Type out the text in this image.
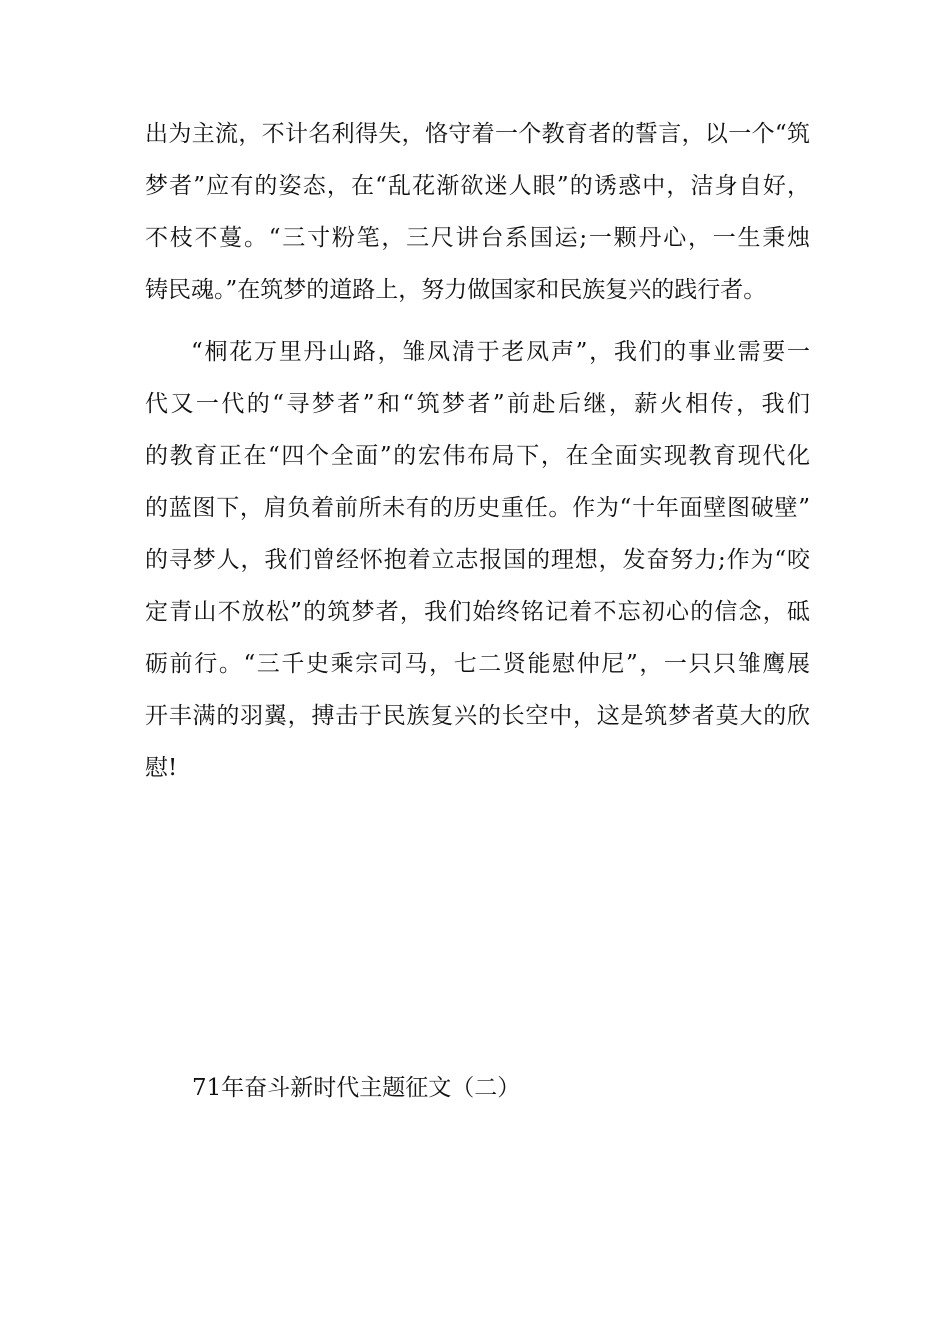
出为主流，不计名利得失，恪守着一个教育者的誓言，以一个“筑
梦者”应有的姿态，在“乱花渐欲迷人眼”的诱惑中，洁身自好，
不枝不蔓。“三寸粉笔，三尺讲台系国运;一颗丹心，一生秉烛
铸民魂。”在筑梦的道路上，努力做国家和民族复兴的践行者。
“桐花万里丹山路，雏凤清于老凤声”，我们的事业需要一
代又一代的“寻梦者”和“筑梦者”前赴后继，薪火相传，我们
的教育正在“四个全面”的宏伟布局下，在全面实现教育现代化
的蓝图下，肩负着前所未有的历史重任。作为“十年面壁图破壁”
的寻梦人，我们曾经怀抱着立志报国的理想，发奋努力;作为“咬
定青山不放松”的筑梦者，我们始终铭记着不忘初心的信念，砥
砺前行。“三千史乘宗司马，七二贤能慰仲尼”，一只只雏鹰展
开丰满的羽翼，搏击于民族复兴的长空中，这是筑梦者莫大的欣
慰!
71年奋斗新时代主题征文（二）
